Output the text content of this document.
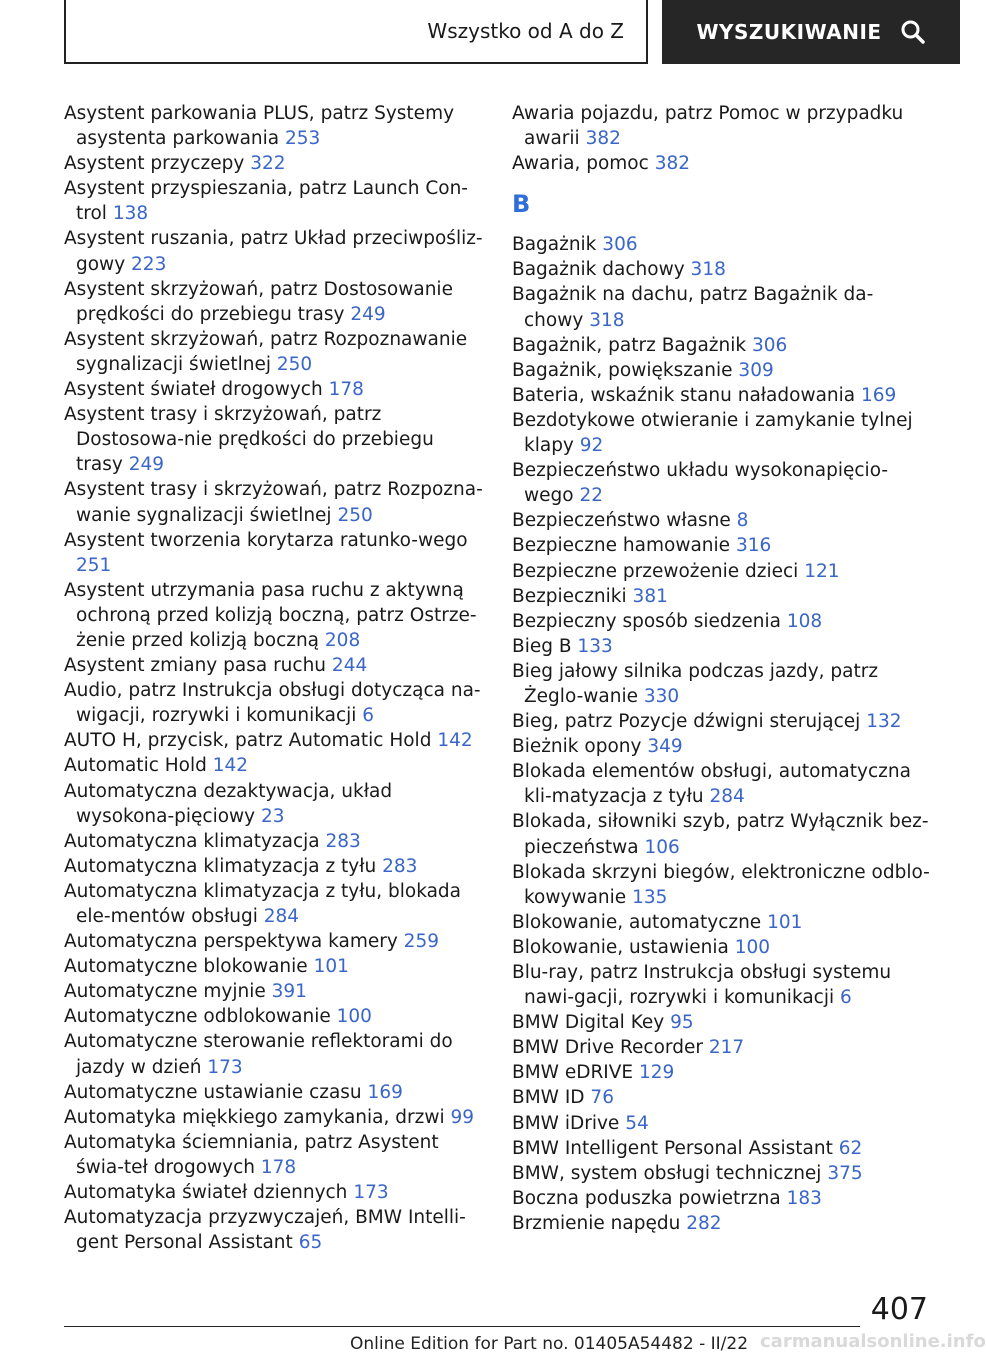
Wszystko od A do Z	WYSZUKIWANIE

Asystent parkowania PLUS, patrz Systemy asystenta parkowania 253

Asystent przyczepy 322

Asystent przyspieszania, patrz Launch Con-trol 138

Asystent ruszania, patrz Układ przeciwpośliz-gowy 223

Asystent skrzyżowań, patrz Dostosowanie prędkości do przebiegu trasy 249

Asystent skrzyżowań, patrz Rozpoznawanie sygnalizacji świetlnej 250

Asystent świateł drogowych 178

Asystent trasy i skrzyżowań, patrz Dostosowa-nie prędkości do przebiegu trasy 249

Asystent trasy i skrzyżowań, patrz Rozpozna-wanie sygnalizacji świetlnej 250

Asystent tworzenia korytarza ratunko-wego 251

Asystent utrzymania pasa ruchu z aktywną ochroną przed kolizją boczną, patrz Ostrze-żenie przed kolizją boczną 208

Asystent zmiany pasa ruchu 244

Audio, patrz Instrukcja obsługi dotycząca na-wigacji, rozrywki i komunikacji 6

AUTO H, przycisk, patrz Automatic Hold 142

Automatic Hold 142

Automatyczna dezaktywacja, układ wysokona-pięciowy 23

Automatyczna klimatyzacja 283

Automatyczna klimatyzacja z tyłu 283

Automatyczna klimatyzacja z tyłu, blokada ele-mentów obsługi 284

Automatyczna perspektywa kamery 259

Automatyczne blokowanie 101

Automatyczne myjnie 391

Automatyczne odblokowanie 100

Automatyczne sterowanie reflektorami do jazdy w dzień 173

Automatyczne ustawianie czasu 169

Automatyka miękkiego zamykania, drzwi 99

Automatyka ściemniania, patrz Asystent świa-teł drogowych 178

Automatyka świateł dziennych 173

Automatyzacja przyzwyczajeń, BMW Intelli-gent Personal Assistant 65

Awaria pojazdu, patrz Pomoc w przypadku awarii 382

Awaria, pomoc 382

B

Bagażnik 306

Bagażnik dachowy 318

Bagażnik na dachu, patrz Bagażnik da-chowy 318

Bagażnik, patrz Bagażnik 306

Bagażnik, powiększanie 309

Bateria, wskaźnik stanu naładowania 169

Bezdotykowe otwieranie i zamykanie tylnej klapy 92

Bezpieczeństwo układu wysokonapięcio-wego 22

Bezpieczeństwo własne 8

Bezpieczne hamowanie 316

Bezpieczne przewożenie dzieci 121

Bezpieczniki 381

Bezpieczny sposób siedzenia 108

Bieg B 133

Bieg jałowy silnika podczas jazdy, patrz Żeglo-wanie 330

Bieg, patrz Pozycje dźwigni sterującej 132

Bieżnik opony 349

Blokada elementów obsługi, automatyczna kli-matyzacja z tyłu 284

Blokada, siłowniki szyb, patrz Wyłącznik bez-pieczeństwa 106

Blokada skrzyni biegów, elektroniczne odblo-kowywanie 135

Blokowanie, automatyczne 101

Blokowanie, ustawienia 100

Blu-ray, patrz Instrukcja obsługi systemu nawi-gacji, rozrywki i komunikacji 6

BMW Digital Key 95

BMW Drive Recorder 217

BMW eDRIVE 129

BMW ID 76

BMW iDrive 54

BMW Intelligent Personal Assistant 62

BMW, system obsługi technicznej 375

Boczna poduszka powietrzna 183

Brzmienie napędu 282

407
Online Edition for Part no. 01405A54482 - II/22 carmanualsonline.info
